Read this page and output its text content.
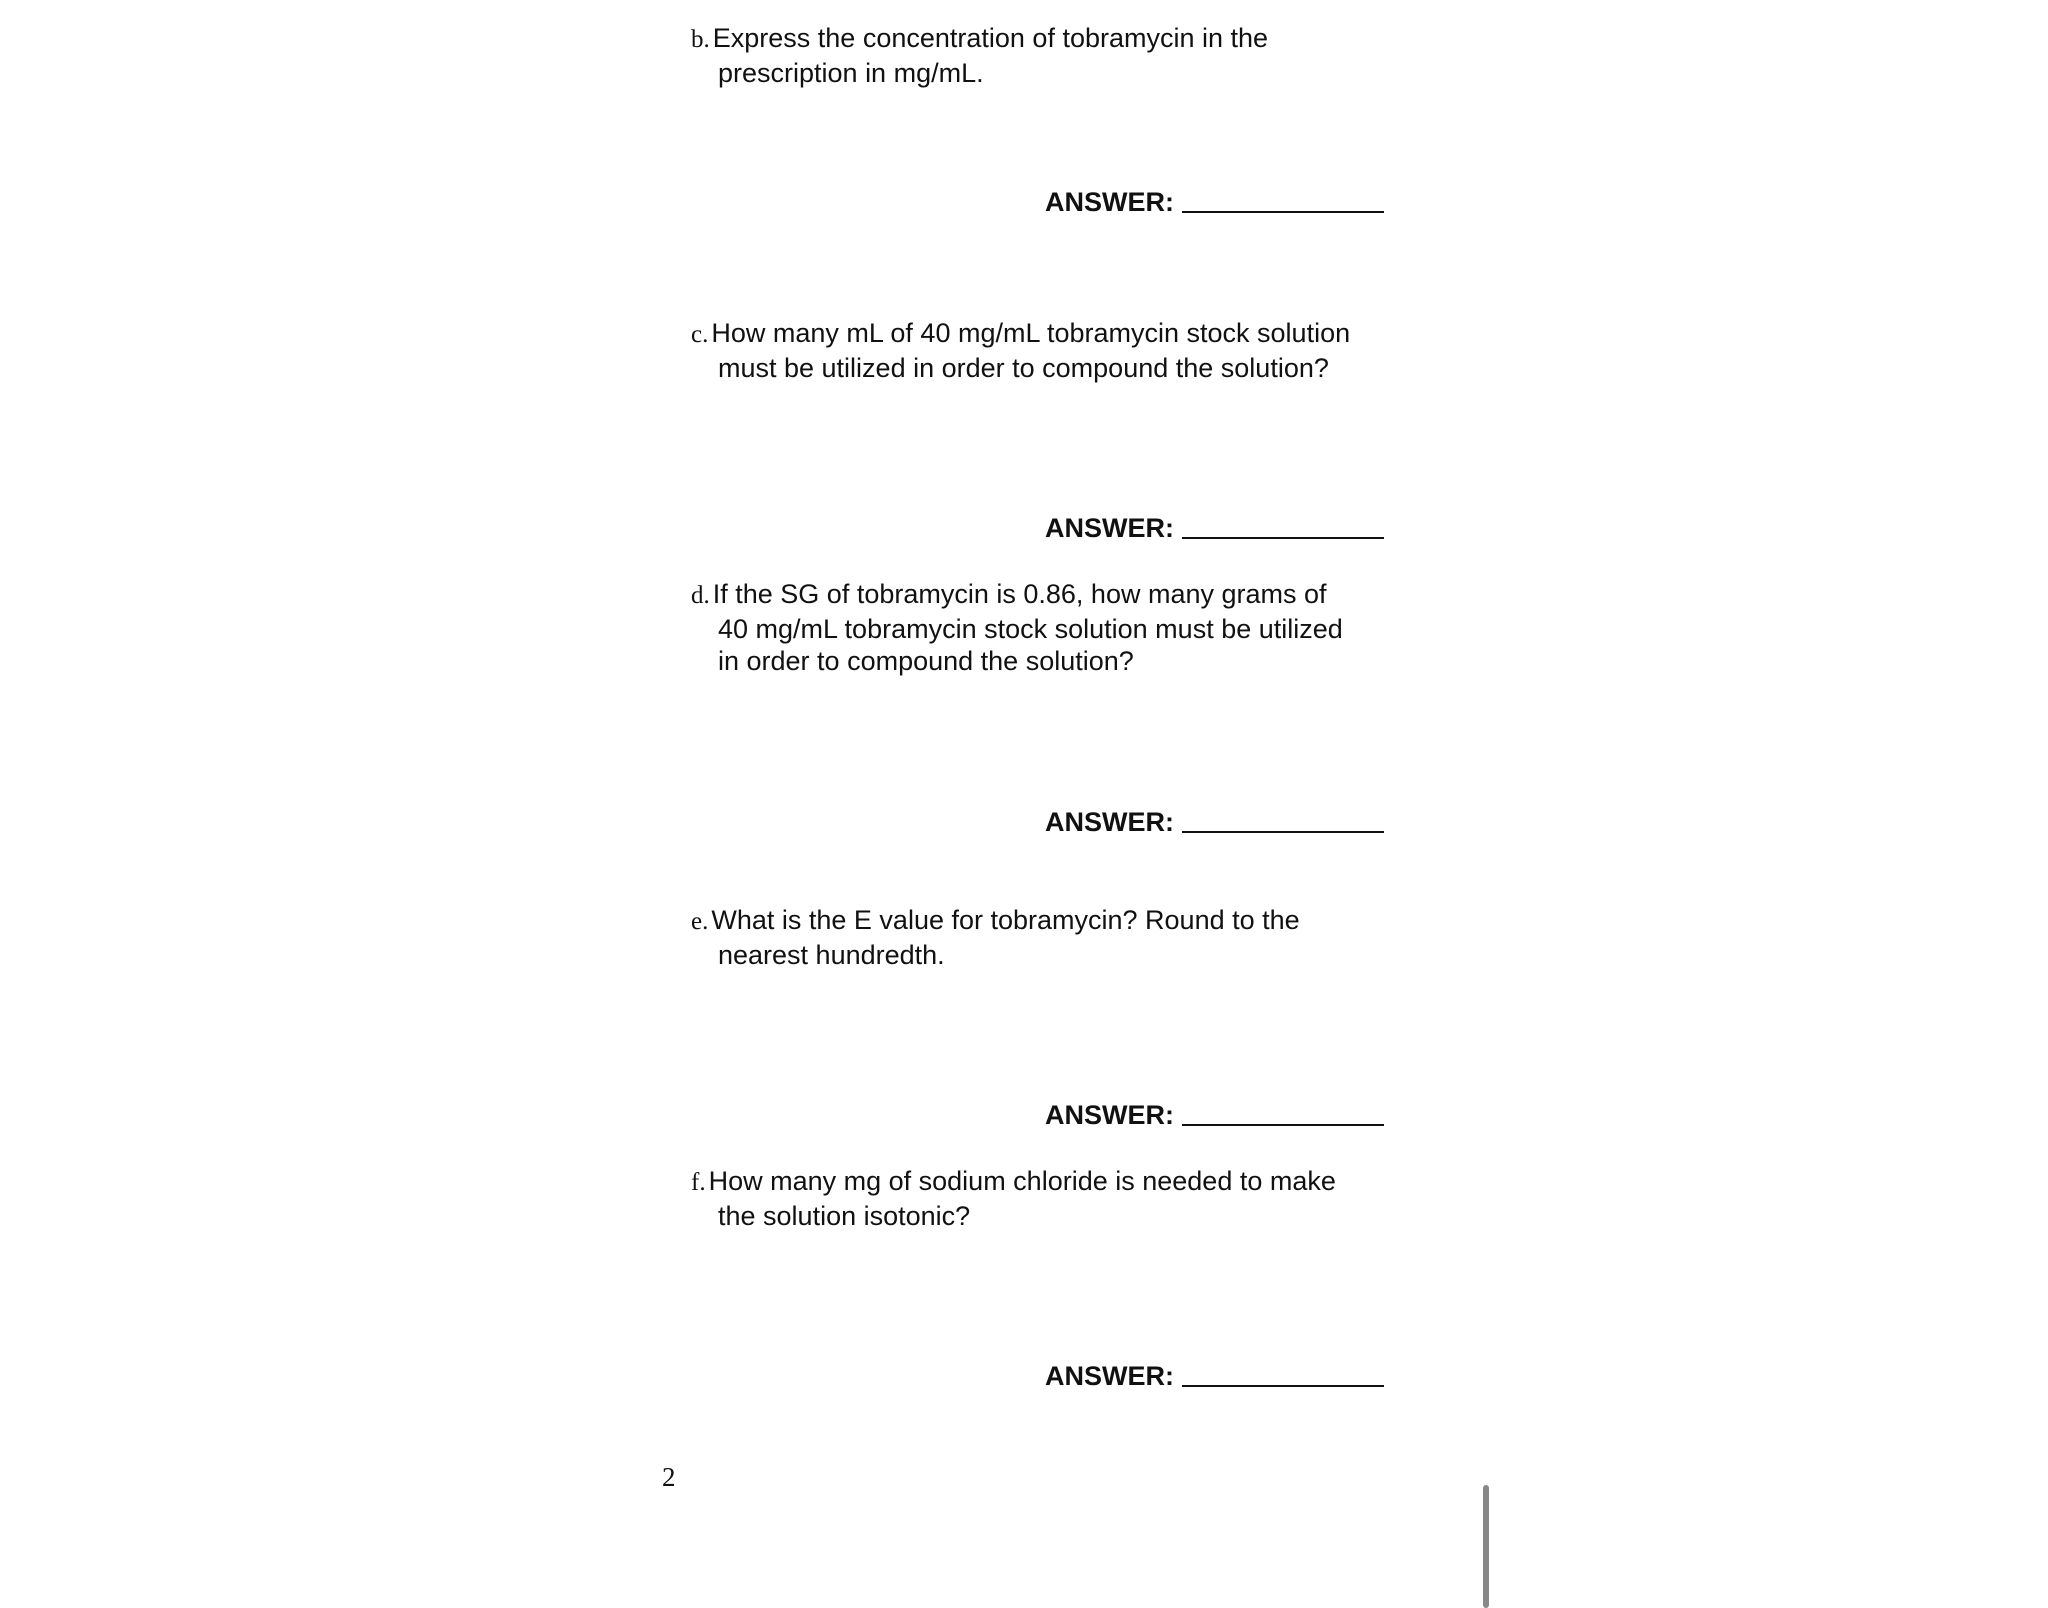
b. Express the concentration of tobramycin in the
prescription in mg/mL.
ANSWER:
c. How many mL of 40 mg/mL tobramycin stock solution
must be utilized in order to compound the solution?
ANSWER:
d. If the SG of tobramycin is 0.86, how many grams of
40 mg/mL tobramycin stock solution must be utilized
in order to compound the solution?
ANSWER:
e. What is the E value for tobramycin? Round to the
nearest hundredth.
ANSWER:
f. How many mg of sodium chloride is needed to make
the solution isotonic?
ANSWER:
2
